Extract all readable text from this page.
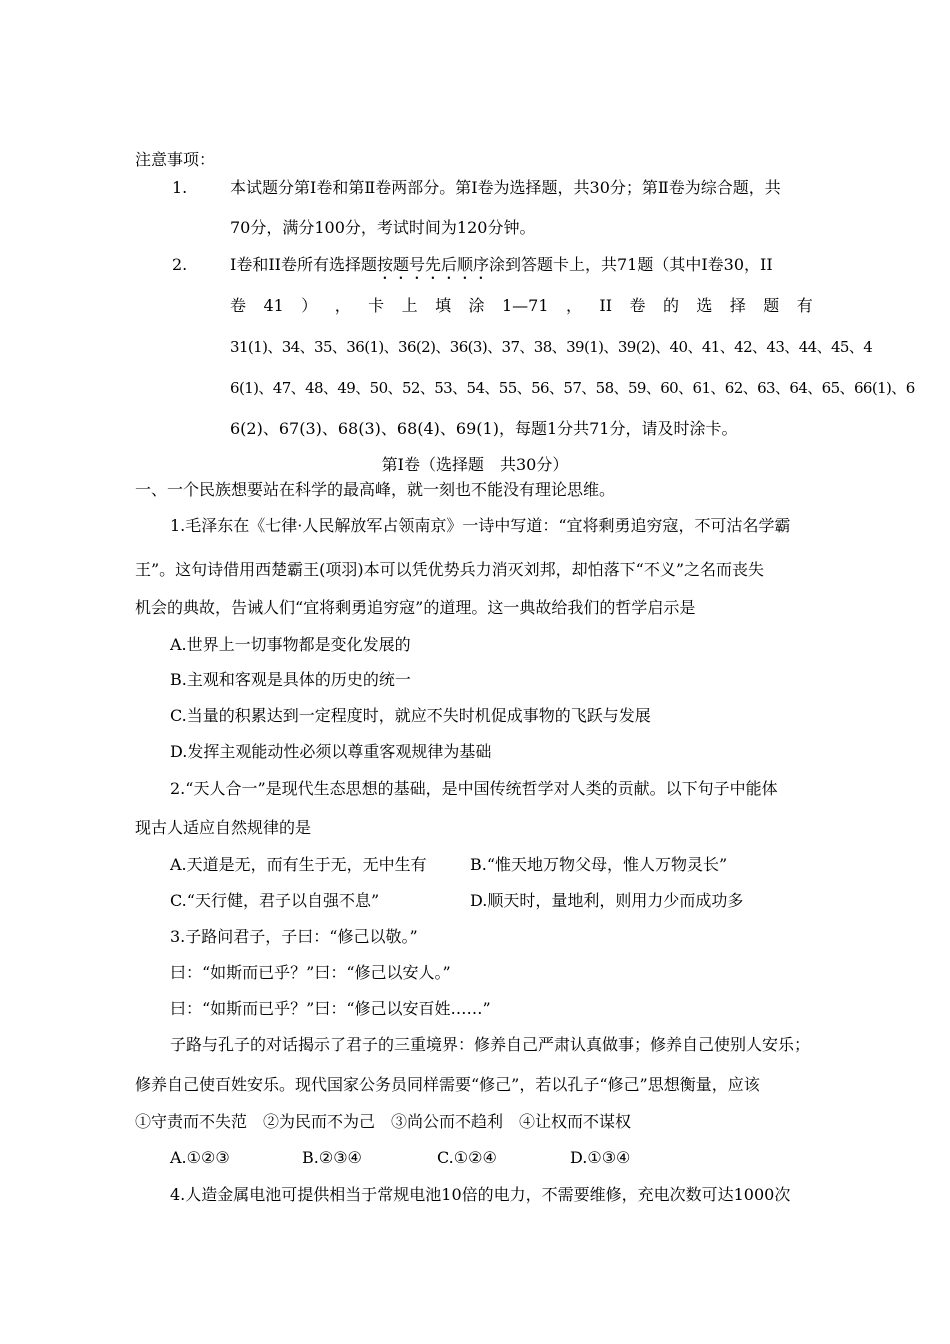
注意事项：
1.	本试题分第Ⅰ卷和第Ⅱ卷两部分。第Ⅰ卷为选择题，共30分；第Ⅱ卷为综合题，共
70分，满分100分，考试时间为120分钟。
2.	I卷和II卷所有选择题按题号先后顺序涂到答题卡上，共71题（其中Ⅰ卷30，II
卷 41 ） ， 卡 上 填 涂 1—71 ， II 卷 的 选 择 题 有
31(1)、34、35、36(1)、36(2)、36(3)、37、38、39(1)、39(2)、40、41、42、43、44、45、4
6(1)、47、48、49、50、52、53、54、55、56、57、58、59、60、61、62、63、64、65、66(1)、6
6(2)、67(3)、68(3)、68(4)、69(1)，每题1分共71分，请及时涂卡。
第Ⅰ卷（选择题　共30分）
一、一个民族想要站在科学的最高峰，就一刻也不能没有理论思维。
1.毛泽东在《七律·人民解放军占领南京》一诗中写道：“宜将剩勇追穷寇，不可沽名学霸
王”。这句诗借用西楚霸王(项羽)本可以凭优势兵力消灭刘邦，却怕落下“不义”之名而丧失
机会的典故，告诫人们“宜将剩勇追穷寇”的道理。这一典故给我们的哲学启示是
A.世界上一切事物都是变化发展的
B.主观和客观是具体的历史的统一
C.当量的积累达到一定程度时，就应不失时机促成事物的飞跃与发展
D.发挥主观能动性必须以尊重客观规律为基础
2.“天人合一”是现代生态思想的基础，是中国传统哲学对人类的贡献。以下句子中能体
现古人适应自然规律的是
A.天道是无，而有生于无，无中生有	B.“惟天地万物父母，惟人万物灵长”
C.“天行健，君子以自强不息”	D.顺天时，量地利，则用力少而成功多
3.子路问君子，子曰：“修己以敬。”
曰：“如斯而已乎？”曰：“修己以安人。”
曰：“如斯而已乎？”曰：“修己以安百姓……”
子路与孔子的对话揭示了君子的三重境界：修养自己严肃认真做事；修养自己使别人安乐；
修养自己使百姓安乐。现代国家公务员同样需要“修己”，若以孔子“修己”思想衡量，应该
①守责而不失范　②为民而不为己　③尚公而不趋利　④让权而不谋权
A.①②③	B.②③④	C.①②④	D.①③④
4.人造金属电池可提供相当于常规电池10倍的电力，不需要维修，充电次数可达1000次
